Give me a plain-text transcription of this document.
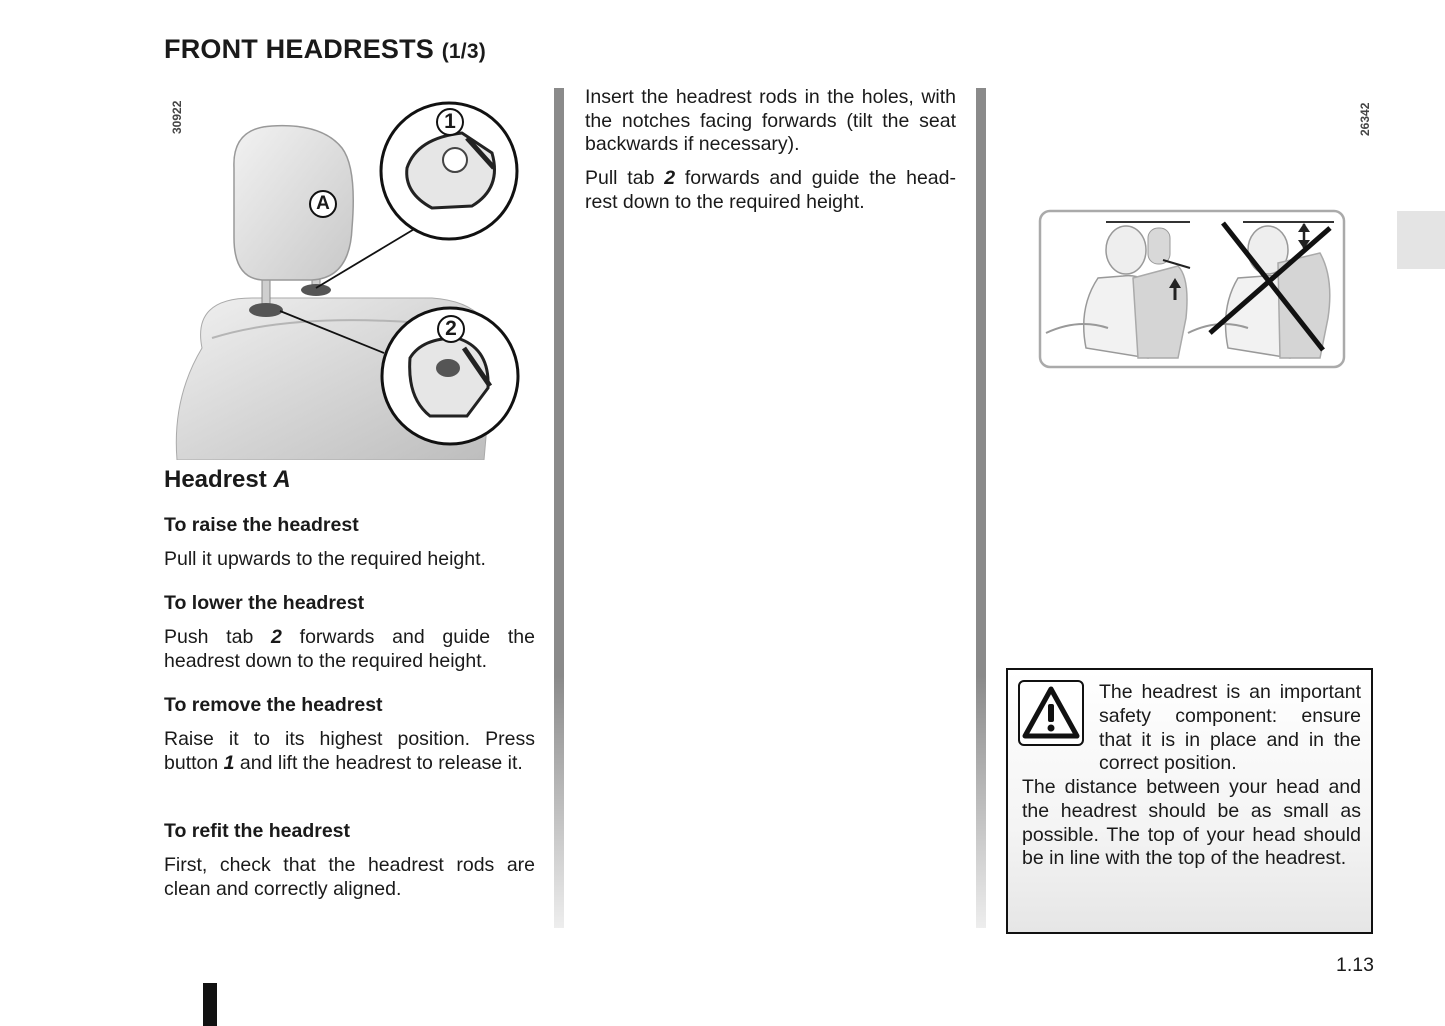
FRONT HEADRESTS (1/3)
30922
A
1
2
Headrest A

To raise the headrest

Pull it upwards to the required height.

To lower the headrest

Push tab 2 forwards and guide the headrest down to the required height.

To remove the headrest

Raise it to its highest position. Press button 1 and lift the headrest to release it.

To refit the headrest

First, check that the headrest rods are clean and correctly aligned.

Insert the headrest rods in the holes, with the notches facing forwards (tilt the seat backwards if necessary).

Pull tab 2 forwards and guide the head-rest down to the required height.

26342

The headrest is an important safety component: ensure that it is in place and in the correct position.

The distance between your head and the headrest should be as small as possible. The top of your head should be in line with the top of the headrest.

1.13
